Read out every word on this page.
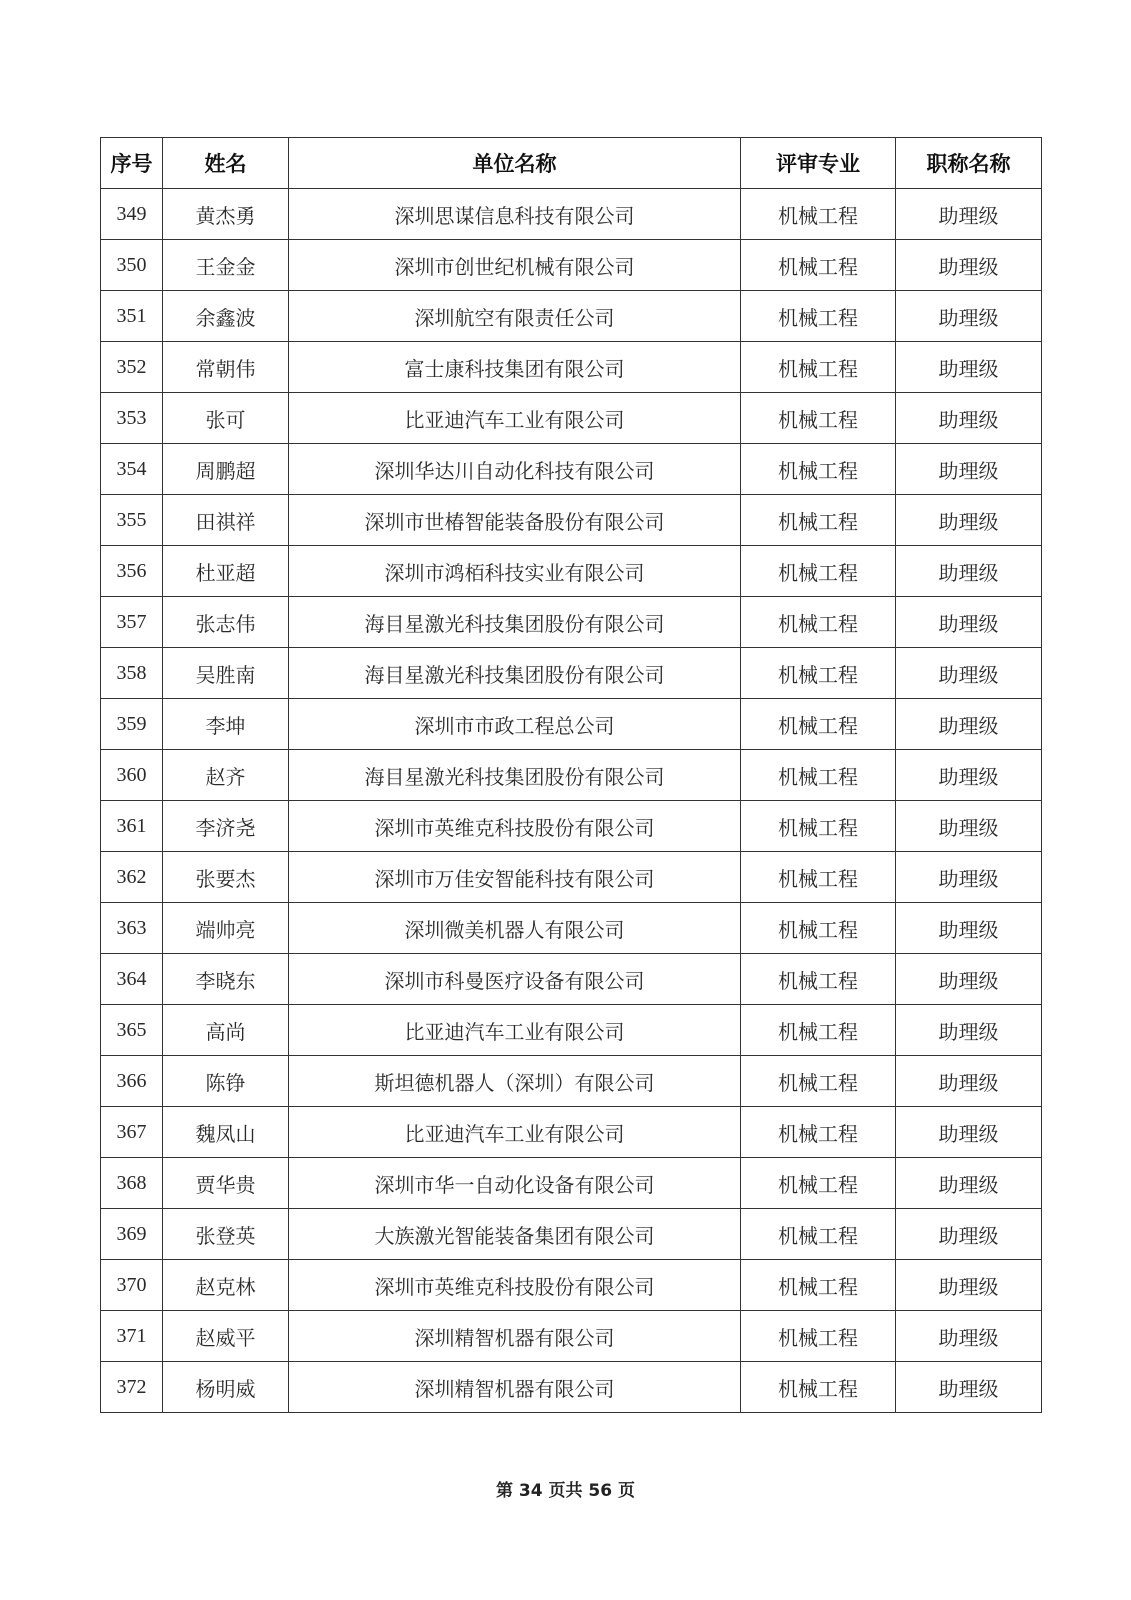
序号	姓名	单位名称	评审专业	职称名称
349	黄杰勇	深圳思谋信息科技有限公司	机械工程	助理级
350	王金金	深圳市创世纪机械有限公司	机械工程	助理级
351	余鑫波	深圳航空有限责任公司	机械工程	助理级
352	常朝伟	富士康科技集团有限公司	机械工程	助理级
353	张可	比亚迪汽车工业有限公司	机械工程	助理级
354	周鹏超	深圳华达川自动化科技有限公司	机械工程	助理级
355	田祺祥	深圳市世椿智能装备股份有限公司	机械工程	助理级
356	杜亚超	深圳市鸿栢科技实业有限公司	机械工程	助理级
357	张志伟	海目星激光科技集团股份有限公司	机械工程	助理级
358	吴胜南	海目星激光科技集团股份有限公司	机械工程	助理级
359	李坤	深圳市市政工程总公司	机械工程	助理级
360	赵齐	海目星激光科技集团股份有限公司	机械工程	助理级
361	李济尧	深圳市英维克科技股份有限公司	机械工程	助理级
362	张要杰	深圳市万佳安智能科技有限公司	机械工程	助理级
363	端帅亮	深圳微美机器人有限公司	机械工程	助理级
364	李晓东	深圳市科曼医疗设备有限公司	机械工程	助理级
365	高尚	比亚迪汽车工业有限公司	机械工程	助理级
366	陈铮	斯坦德机器人（深圳）有限公司	机械工程	助理级
367	魏凤山	比亚迪汽车工业有限公司	机械工程	助理级
368	贾华贵	深圳市华一自动化设备有限公司	机械工程	助理级
369	张登英	大族激光智能装备集团有限公司	机械工程	助理级
370	赵克林	深圳市英维克科技股份有限公司	机械工程	助理级
371	赵威平	深圳精智机器有限公司	机械工程	助理级
372	杨明威	深圳精智机器有限公司	机械工程	助理级
第 34 页共 56 页
